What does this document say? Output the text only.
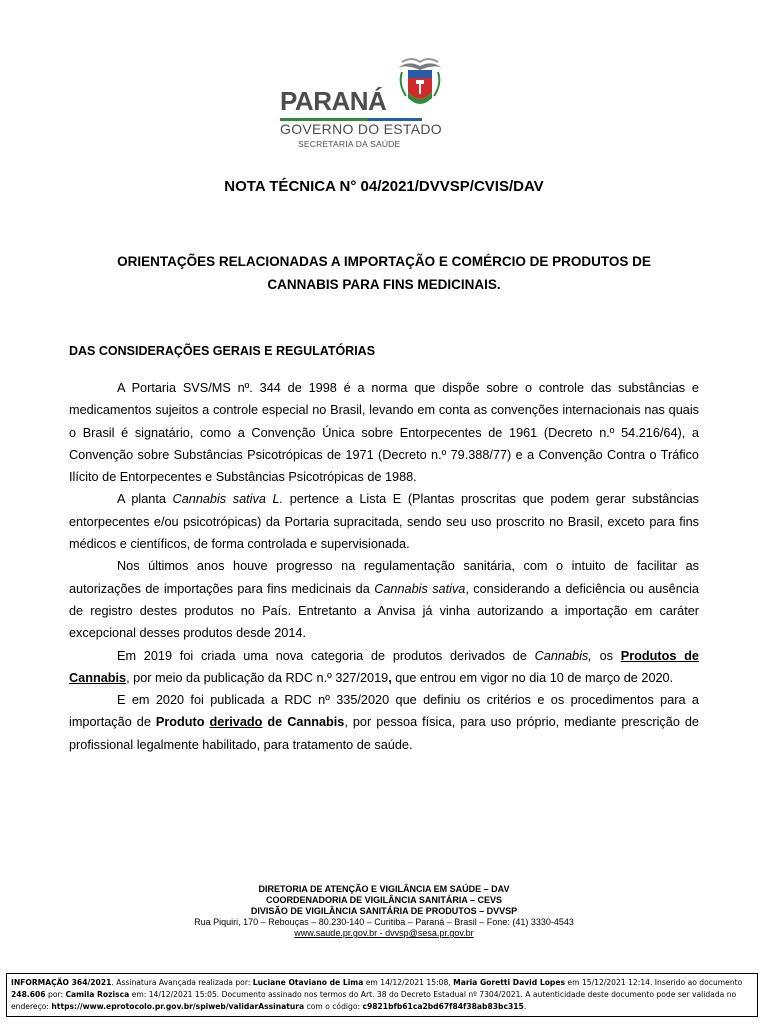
PARANÁ
GOVERNO DO ESTADO
SECRETARIA DA SAÚDE
NOTA TÉCNICA N° 04/2021/DVVSP/CVIS/DAV
ORIENTAÇÕES RELACIONADAS A IMPORTAÇÃO E COMÉRCIO DE PRODUTOS DE
CANNABIS PARA FINS MEDICINAIS.
DAS CONSIDERAÇÕES GERAIS E REGULATÓRIAS

A Portaria SVS/MS nº. 344 de 1998 é a norma que dispõe sobre o controle das substâncias e medicamentos sujeitos a controle especial no Brasil, levando em conta as convenções internacionais nas quais o Brasil é signatário, como a Convenção Única sobre Entorpecentes de 1961 (Decreto n.º 54.216/64), a Convenção sobre Substâncias Psicotrópicas de 1971 (Decreto n.º 79.388/77) e a Convenção Contra o Tráfico Ilícito de Entorpecentes e Substâncias Psicotrópicas de 1988.

A planta Cannabis sativa L. pertence a Lista E (Plantas proscritas que podem gerar substâncias entorpecentes e/ou psicotrópicas) da Portaria supracitada, sendo seu uso proscrito no Brasil, exceto para fins médicos e científicos, de forma controlada e supervisionada.

Nos últimos anos houve progresso na regulamentação sanitária, com o intuito de facilitar as autorizações de importações para fins medicinais da Cannabis sativa, considerando a deficiência ou ausência de registro destes produtos no País. Entretanto a Anvisa já vinha autorizando a importação em caráter excepcional desses produtos desde 2014.

Em 2019 foi criada uma nova categoria de produtos derivados de Cannabis, os Produtos de Cannabis, por meio da publicação da RDC n.º 327/2019, que entrou em vigor no dia 10 de março de 2020.

E em 2020 foi publicada a RDC nº 335/2020 que definiu os critérios e os procedimentos para a importação de Produto derivado de Cannabis, por pessoa física, para uso próprio, mediante prescrição de profissional legalmente habilitado, para tratamento de saúde.

DIRETORIA DE ATENÇÃO E VIGILÂNCIA EM SAÚDE – DAV
COORDENADORIA DE VIGILÂNCIA SANITÁRIA – CEVS
DIVISÃO DE VIGILÂNCIA SANITÁRIA DE PRODUTOS – DVVSP
Rua Piquiri, 170 – Rebouças – 80.230-140 – Curitiba – Paraná – Brasil – Fone: (41) 3330-4543
www.saude.pr.gov.br - dvvsp@sesa.pr.gov.br
INFORMAÇÃO 364/2021. Assinatura Avançada realizada por: Luciane Otaviano de Lima em 14/12/2021 15:08, Maria Goretti David Lopes em 15/12/2021 12:14. Inserido ao documento 248.606 por: Camila Rozisca em: 14/12/2021 15:05. Documento assinado nos termos do Art. 38 do Decreto Estadual nº 7304/2021. A autenticidade deste documento pode ser validada no endereço: https://www.eprotocolo.pr.gov.br/spiweb/validarAssinatura com o código: c9821bfb61ca2bd67f84f38ab83bc315.
